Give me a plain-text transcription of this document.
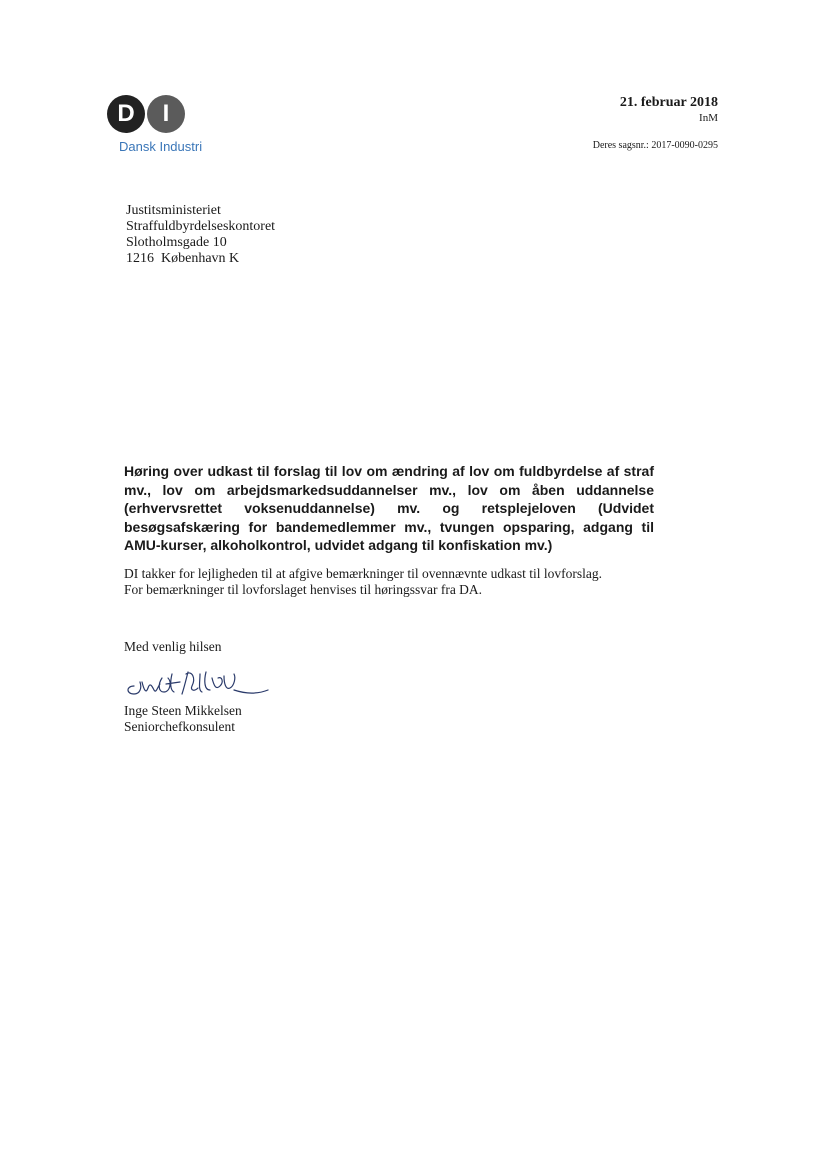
D	I
Dansk Industri
21. februar 2018
InM
Deres sagsnr.: 2017-0090-0295
Justitsministeriet
Straffuldbyrdelseskontoret
Slotholmsgade 10
1216  København K
Høring over udkast til forslag til lov om ændring af lov om fuldbyrdelse af straf mv., lov om arbejdsmarkedsuddannelser mv., lov om åben uddannelse (erhvervsrettet voksenuddannelse) mv. og retsplejeloven (Udvidet besøgsafskæring for bandemedlemmer mv., tvungen opsparing, adgang til AMU-kurser, alkoholkontrol, udvidet adgang til konfiskation mv.)
DI takker for lejligheden til at afgive bemærkninger til ovennævnte udkast til lovforslag.
For bemærkninger til lovforslaget henvises til høringssvar fra DA.
Med venlig hilsen
Inge Steen Mikkelsen
Seniorchefkonsulent
